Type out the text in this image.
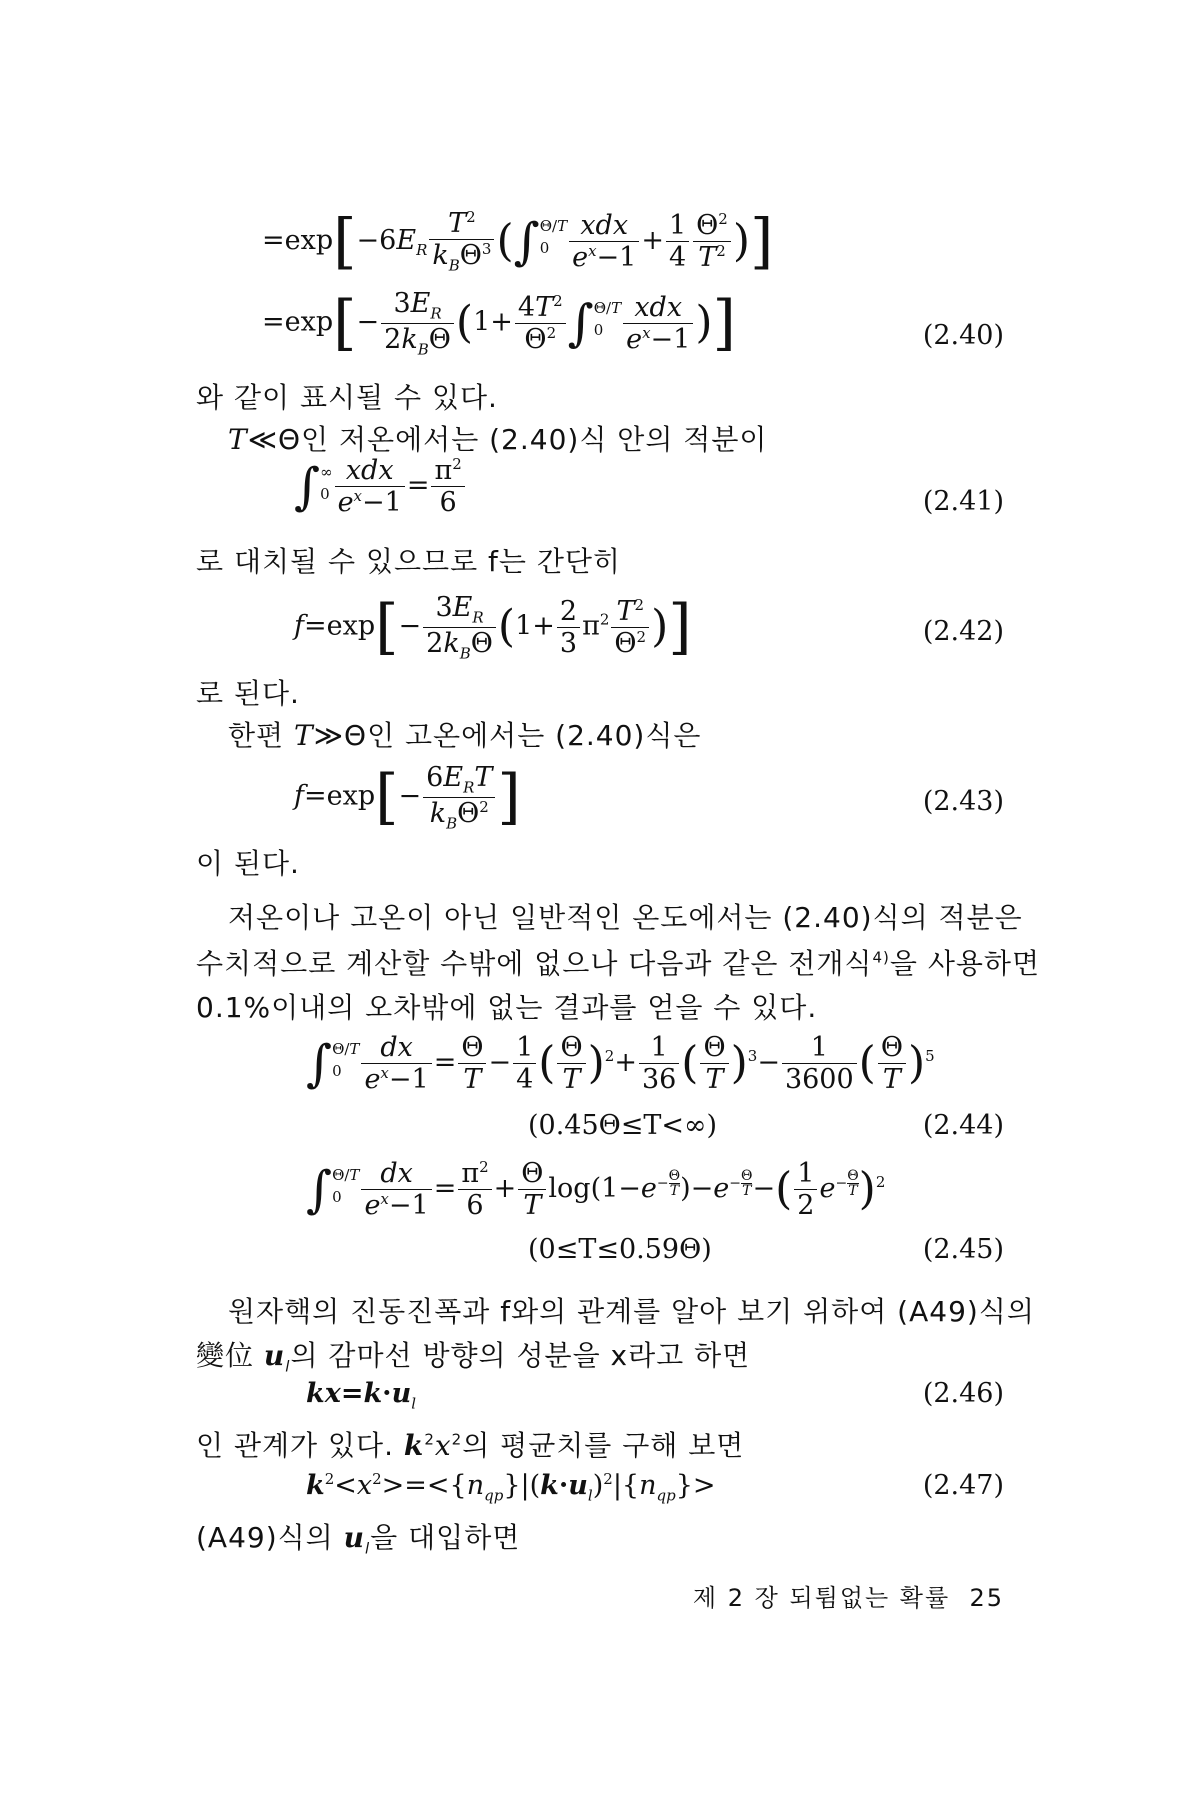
$=\exp[-6E_R \frac{T^2}{k_B\Theta^3}$ (∫ Θ/T
$0 \frac{\text{xdx}}{e^x-1} + \frac{1}{4} \frac{\Theta^2}{T^2}$ )]
$=\exp[- \frac{3E_R}{2k_B\Theta} (1+ \frac{4T^2}{\Theta^2}$ ∫ Θ/T
$0 \frac{\text{xdx}}{e^x-1}$ )]	(2.40)
와 같이 표시될 수 있다.
T≪Θ인 저온에서는 (2.40)식 안의 적분이
∫ ∞
$0 \frac{\text{xdx}}{e^x-1} = \frac{\pi^2}{6}$	(2.41)
로 대치될 수 있으므로 f는 간단히
$f=\exp[- \frac{3E_R}{2k_B\Theta} (1+ \frac{2}{3} \pi^2 \frac{T^2}{\Theta^2}$ )]	(2.42)
로 된다.
한편 T≫Θ인 고온에서는 (2.40)식은
$f=\exp[- \frac{6E_RT}{k_B\Theta^2}$ ]	(2.43)
이 된다.
저온이나 고온이 아닌 일반적인 온도에서는 (2.40)식의 적분은
수치적으로 계산할 수밖에 없으나 다음과 같은 전개식$^{4)}$을 사용하면
0.1%이내의 오차밖에 없는 결과를 얻을 수 있다.
∫ Θ/T
$0 \frac{dx}{e^x-1} = \frac{\Theta}{T} - \frac{1}{4}$ ( $\frac{\Theta}{T} )^2+ \frac{1}{36}$ ( $\frac{\Theta}{T} )^3- \frac{1}{3600}$ ( $\frac{\Theta}{T} )^5$
(0.45Θ≤T<∞)	(2.44)
∫ Θ/T
$0 \frac{dx}{e^x-1} = \frac{\pi^2}{6} + \frac{\Theta}{T} \log(1-e- \frac{\Theta}{T} )-e- \frac{\Theta}{T}$ −( $\frac{1}{2} e- \frac{\Theta}{T} )^2$
(0≤T≤0.59Θ)	(2.45)
원자핵의 진동진폭과 f와의 관계를 알아 보기 위하여 (A49)식의
變位 $u_l$의 감마선 방향의 성분을 x라고 하면
$kx=k\cdot u_l$	(2.46)
인 관계가 있다. $k^2x^2$의 평균치를 구해 보면
$k^2<x^2>=<\{n_{qp}\}|(k\cdot u_l)^2|\{n_{qp}\}>$	(2.47)
(A49)식의 $u_l$을 대입하면
제 2 장 되튐없는 확률 25
